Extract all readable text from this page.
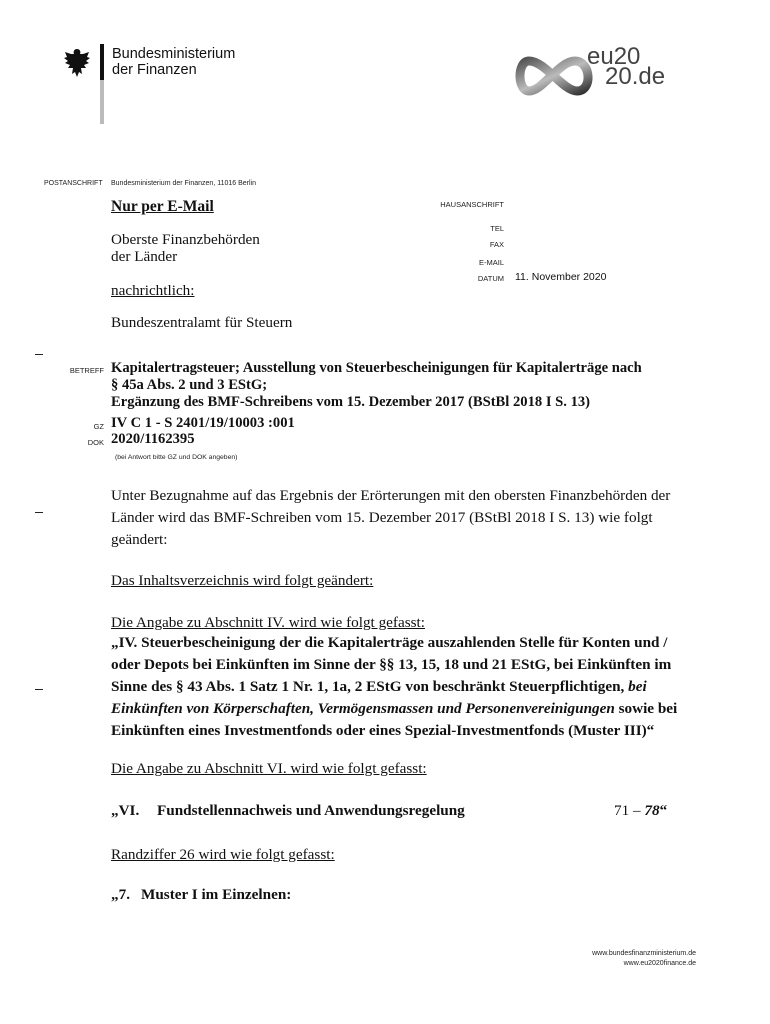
Bundesministerium
der Finanzen	eu20
20.de
POSTANSCHRIFT Bundesministerium der Finanzen, 11016 Berlin
Nur per E-Mail
Oberste Finanzbehörden
der Länder
nachrichtlich:
Bundeszentralamt für Steuern
HAUSANSCHRIFT
TEL
FAX
E-MAIL
DATUM 11. November 2020
BETREFF Kapitalertragsteuer; Ausstellung von Steuerbescheinigungen für Kapitalerträge nach
§ 45a Abs. 2 und 3 EStG;
Ergänzung des BMF-Schreibens vom 15. Dezember 2017 (BStBl 2018 I S. 13)
GZ IV C 1 - S 2401/19/10003 :001
DOK 2020/1162395
(bei Antwort bitte GZ und DOK angeben)
Unter Bezugnahme auf das Ergebnis der Erörterungen mit den obersten Finanzbehörden der
Länder wird das BMF-Schreiben vom 15. Dezember 2017 (BStBl 2018 I S. 13) wie folgt
geändert:
Das Inhaltsverzeichnis wird folgt geändert:
Die Angabe zu Abschnitt IV. wird wie folgt gefasst:
„IV. Steuerbescheinigung der die Kapitalerträge auszahlenden Stelle für Konten und /
oder Depots bei Einkünften im Sinne der §§ 13, 15, 18 und 21 EStG, bei Einkünften im
Sinne des § 43 Abs. 1 Satz 1 Nr. 1, 1a, 2 EStG von beschränkt Steuerpflichtigen, bei
Einkünften von Körperschaften, Vermögensmassen und Personenvereinigungen sowie bei
Einkünften eines Investmentfonds oder eines Spezial-Investmentfonds (Muster III)“
Die Angabe zu Abschnitt VI. wird wie folgt gefasst:
„VI. Fundstellennachweis und Anwendungsregelung	71 – 78“
Randziffer 26 wird wie folgt gefasst:
„7. Muster I im Einzelnen:
www.bundesfinanzministerium.de
www.eu2020finance.de
